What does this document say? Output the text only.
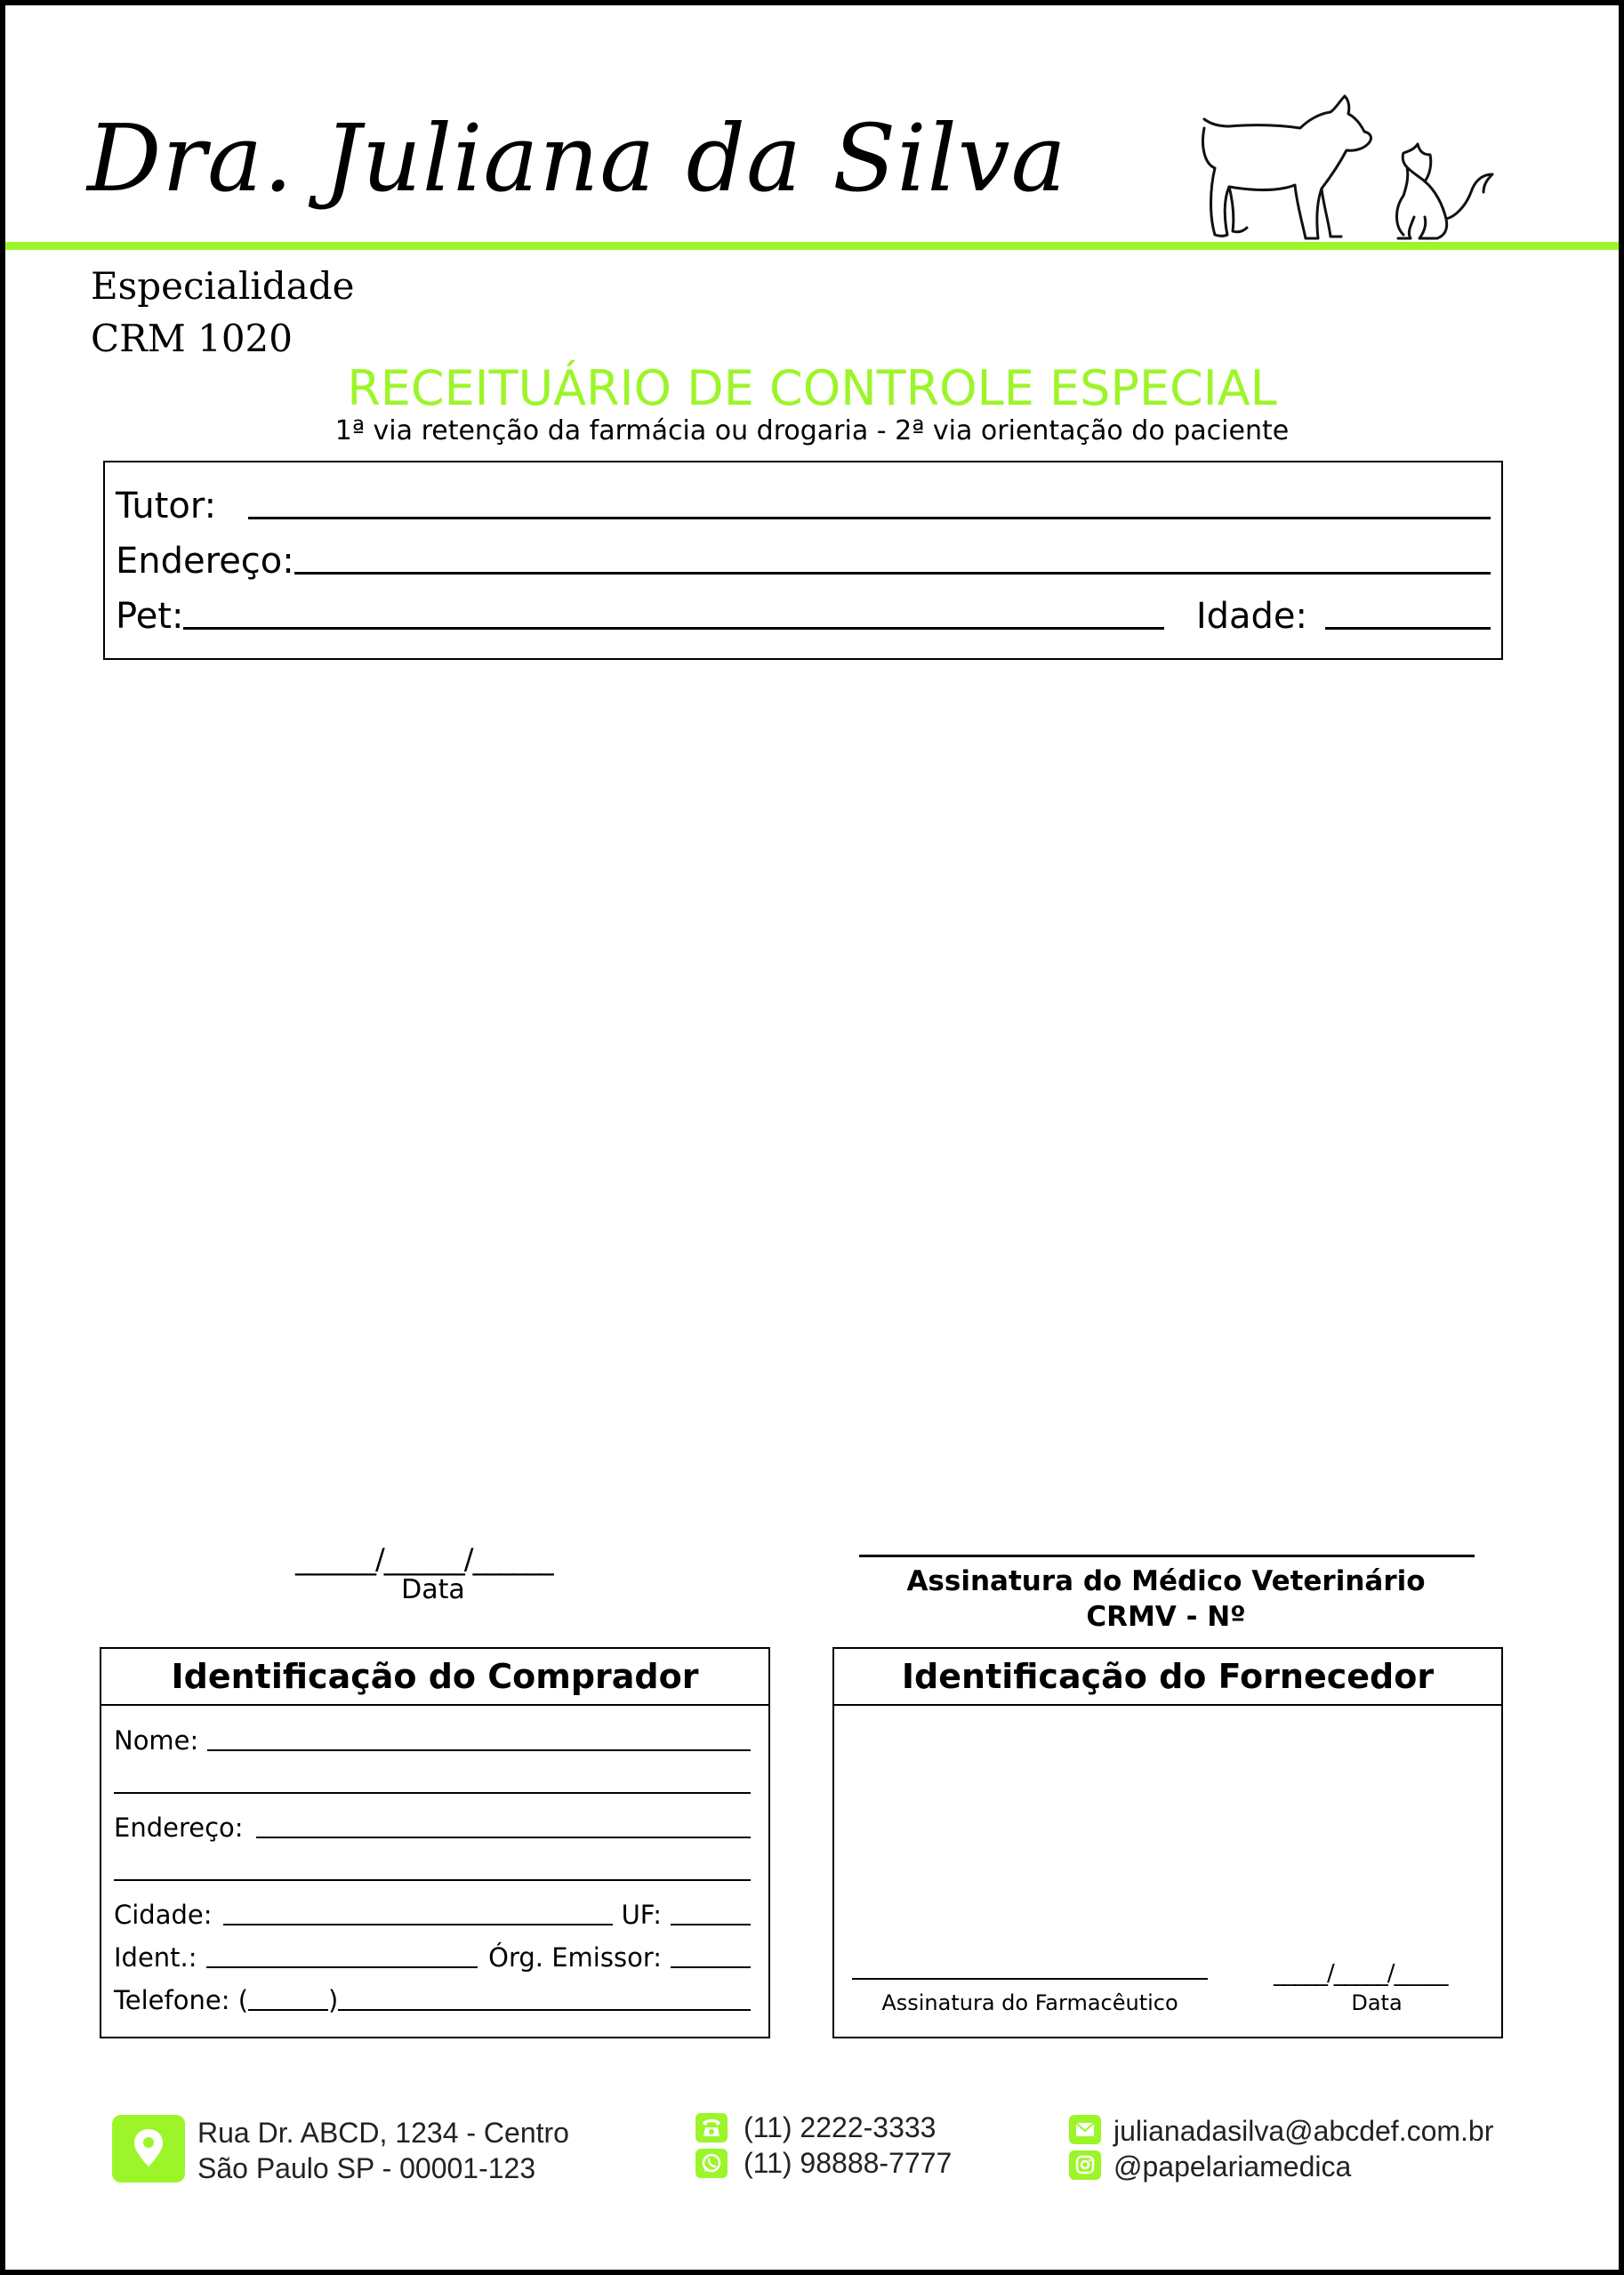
Dra. Juliana da Silva
Especialidade
CRM 1020
RECEITUÁRIO DE CONTROLE ESPECIAL
1ª via retenção da farmácia ou drogaria - 2ª via orientação do paciente
Tutor:
Endereço:
Pet:	Idade:
______/______/______
Data	Assinatura do Médico Veterinário
CRMV - Nº
Identificação do Comprador
Nome:
Endereço:
Cidade:	UF:
Ident.:	Órg. Emissor:
Telefone: (	)
Identificação do Fornecedor
Assinatura do Farmacêutico
_____/_____/_____
Data
Rua Dr. ABCD, 1234 - Centro
São Paulo SP - 00001-123
(11) 2222-3333
(11) 98888-7777
julianadasilva@abcdef.com.br
@papelariamedica
